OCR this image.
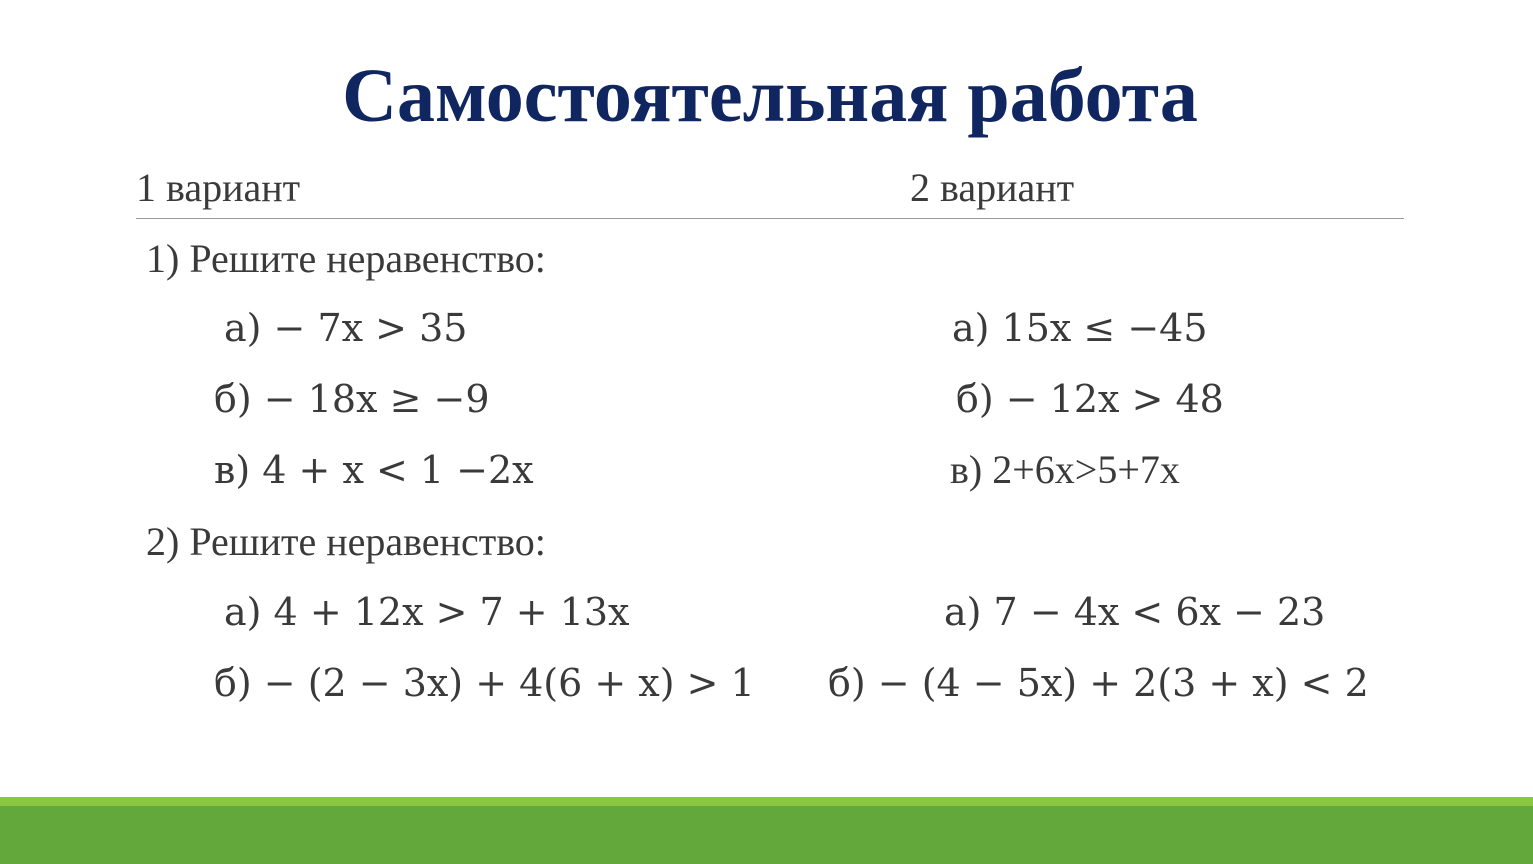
Самостоятельная работа
1 вариант	2 вариант
1) Решите неравенство:
а) − 7x > 35
б) − 18x ≥ −9
в) 4 + x < 1 −2x
а) 15x ≤ −45
б) − 12x > 48
в) 2+6x>5+7x
2) Решите неравенство:
а) 4 + 12x > 7 + 13x
б) − (2 − 3x) + 4(6 + x) > 1
а) 7 − 4x < 6x − 23
б) − (4 − 5x) + 2(3 + x) < 2
